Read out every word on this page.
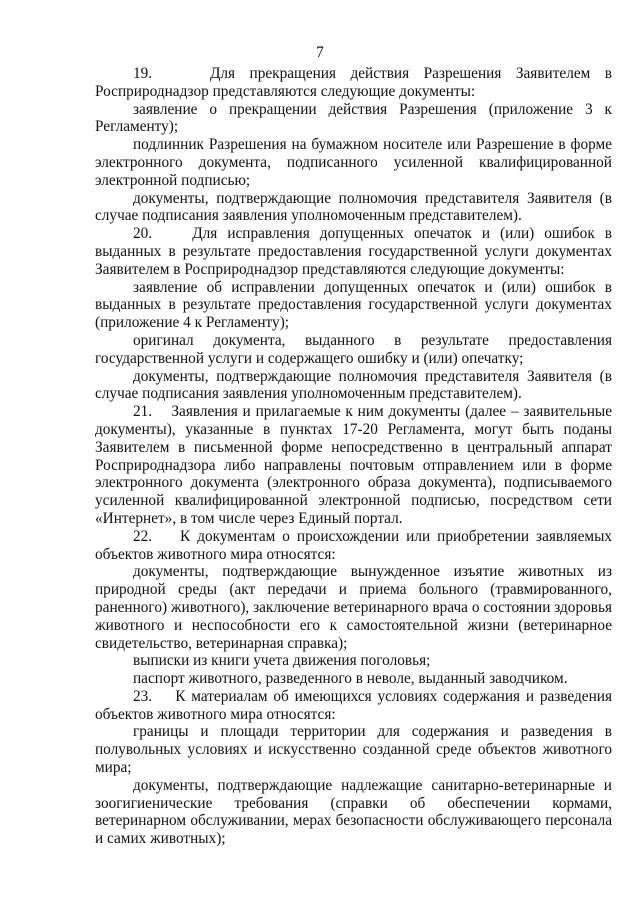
7

19.    Для прекращения действия Разрешения Заявителем в Росприроднадзор представляются следующие документы:

заявление о прекращении действия Разрешения (приложение 3 к Регламенту);

подлинник Разрешения на бумажном носителе или Разрешение в форме электронного документа, подписанного усиленной квалифицированной электронной подписью;

документы, подтверждающие полномочия представителя Заявителя (в случае подписания заявления уполномоченным представителем).

20.    Для исправления допущенных опечаток и (или) ошибок в выданных в результате предоставления государственной услуги документах Заявителем в Росприроднадзор представляются следующие документы:

заявление об исправлении допущенных опечаток и (или) ошибок в выданных в результате предоставления государственной услуги документах (приложение 4 к Регламенту);

оригинал документа, выданного в результате предоставления государственной услуги и содержащего ошибку и (или) опечатку;

документы, подтверждающие полномочия представителя Заявителя (в случае подписания заявления уполномоченным представителем).

21.    Заявления и прилагаемые к ним документы (далее – заявительные документы), указанные в пунктах 17-20 Регламента, могут быть поданы Заявителем в письменной форме непосредственно в центральный аппарат Росприроднадзора либо направлены почтовым отправлением или в форме электронного документа (электронного образа документа), подписываемого усиленной квалифицированной электронной подписью, посредством сети «Интернет», в том числе через Единый портал.

22.    К документам о происхождении или приобретении заявляемых объектов животного мира относятся:

документы, подтверждающие вынужденное изъятие животных из природной среды (акт передачи и приема больного (травмированного, раненного) животного), заключение ветеринарного врача о состоянии здоровья животного и неспособности его к самостоятельной жизни (ветеринарное свидетельство, ветеринарная справка);

выписки из книги учета движения поголовья;

паспорт животного, разведенного в неволе, выданный заводчиком.

23.    К материалам об имеющихся условиях содержания и разведения объектов животного мира относятся:

границы и площади территории для содержания и разведения в полувольных условиях и искусственно созданной среде объектов животного мира;

документы, подтверждающие надлежащие санитарно-ветеринарные и зоогигиенические требования (справки об обеспечении кормами, ветеринарном обслуживании, мерах безопасности обслуживающего персонала и самих животных);
